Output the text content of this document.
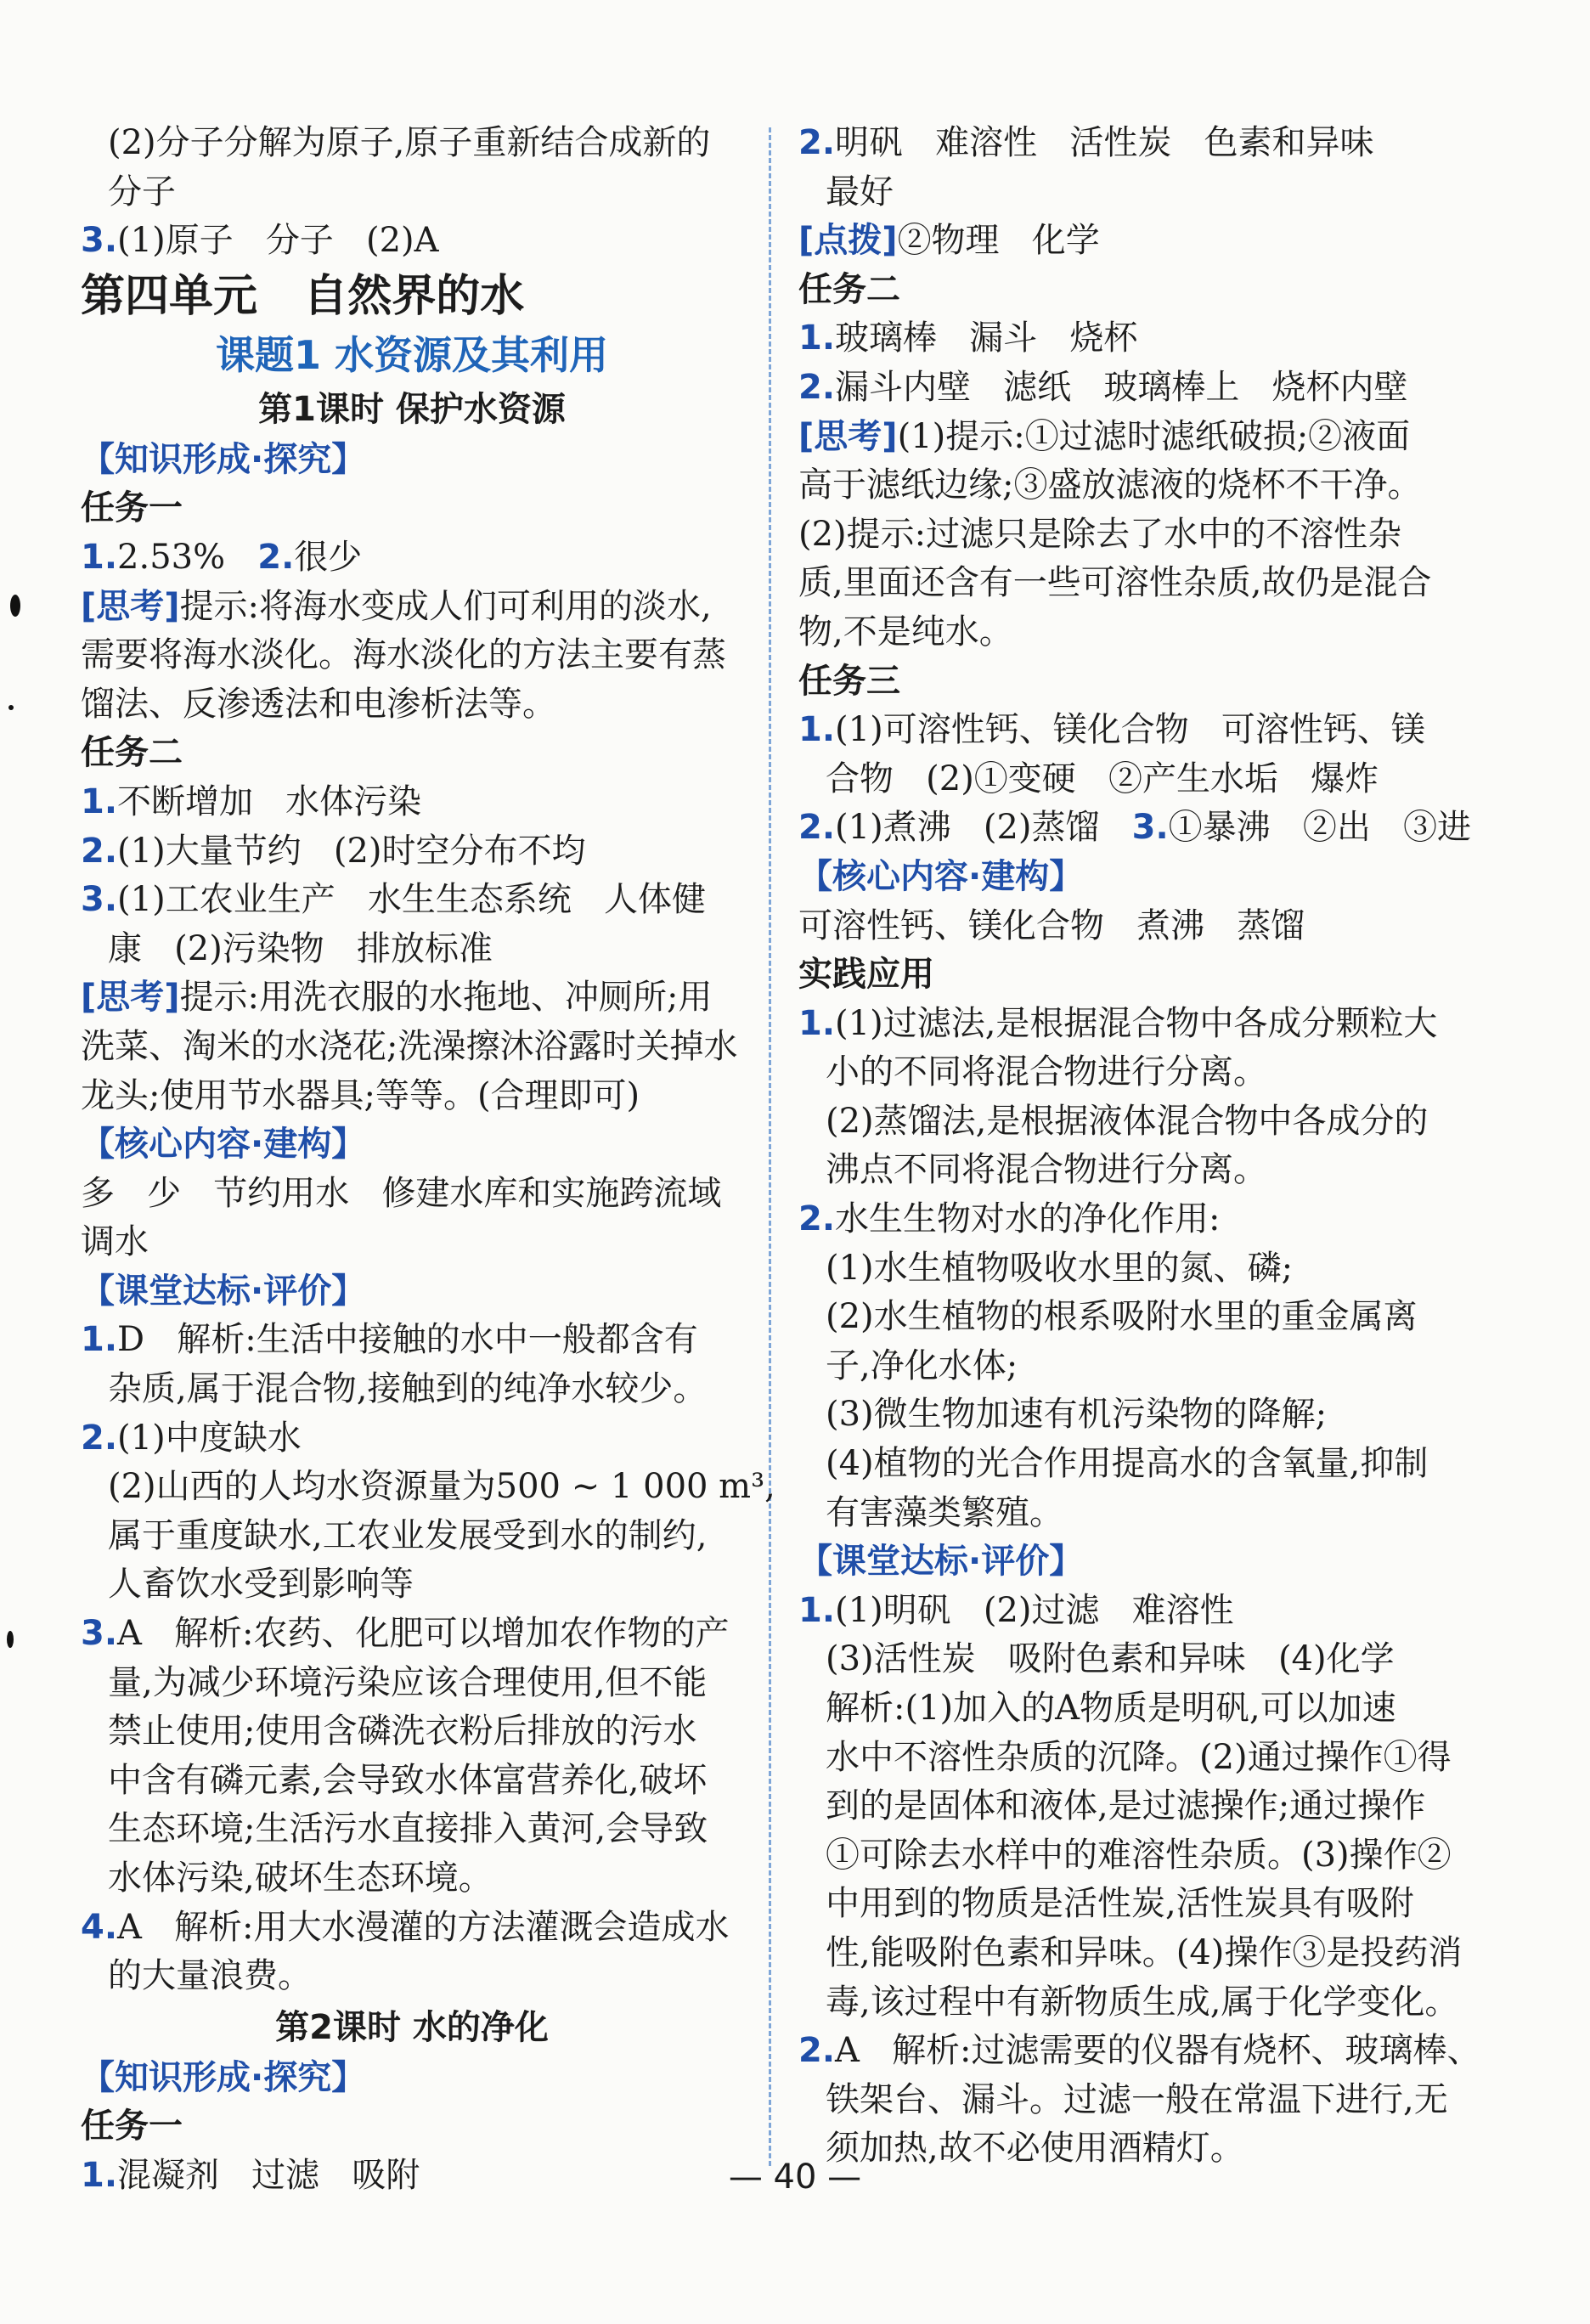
(2)分子分解为原子,原子重新结合成新的
分子
3.(1)原子   分子   (2)A
第四单元   自然界的水
课题1 水资源及其利用
第1课时 保护水资源
【知识形成·探究】
任务一
1.2.53%   2.很少
[思考]提示:将海水变成人们可利用的淡水,
需要将海水淡化。海水淡化的方法主要有蒸
馏法、反渗透法和电渗析法等。
任务二
1.不断增加   水体污染
2.(1)大量节约   (2)时空分布不均
3.(1)工农业生产   水生生态系统   人体健
康   (2)污染物   排放标准
[思考]提示:用洗衣服的水拖地、冲厕所;用
洗菜、淘米的水浇花;洗澡擦沐浴露时关掉水
龙头;使用节水器具;等等。(合理即可)
【核心内容·建构】
多   少   节约用水   修建水库和实施跨流域
调水
【课堂达标·评价】
1.D   解析:生活中接触的水中一般都含有
杂质,属于混合物,接触到的纯净水较少。
2.(1)中度缺水
(2)山西的人均水资源量为500 ~ 1 000 m³,
属于重度缺水,工农业发展受到水的制约,
人畜饮水受到影响等
3.A   解析:农药、化肥可以增加农作物的产
量,为减少环境污染应该合理使用,但不能
禁止使用;使用含磷洗衣粉后排放的污水
中含有磷元素,会导致水体富营养化,破坏
生态环境;生活污水直接排入黄河,会导致
水体污染,破坏生态环境。
4.A   解析:用大水漫灌的方法灌溉会造成水
的大量浪费。
第2课时 水的净化
【知识形成·探究】
任务一
1.混凝剂   过滤   吸附
2.明矾   难溶性   活性炭   色素和异味
最好
[点拨]②物理   化学
任务二
1.玻璃棒   漏斗   烧杯
2.漏斗内壁   滤纸   玻璃棒上   烧杯内壁
[思考](1)提示:①过滤时滤纸破损;②液面
高于滤纸边缘;③盛放滤液的烧杯不干净。
(2)提示:过滤只是除去了水中的不溶性杂
质,里面还含有一些可溶性杂质,故仍是混合
物,不是纯水。
任务三
1.(1)可溶性钙、镁化合物   可溶性钙、镁
合物   (2)①变硬   ②产生水垢   爆炸
2.(1)煮沸   (2)蒸馏   3.①暴沸   ②出   ③进
【核心内容·建构】
可溶性钙、镁化合物   煮沸   蒸馏
实践应用
1.(1)过滤法,是根据混合物中各成分颗粒大
小的不同将混合物进行分离。
(2)蒸馏法,是根据液体混合物中各成分的
沸点不同将混合物进行分离。
2.水生生物对水的净化作用:
(1)水生植物吸收水里的氮、磷;
(2)水生植物的根系吸附水里的重金属离
子,净化水体;
(3)微生物加速有机污染物的降解;
(4)植物的光合作用提高水的含氧量,抑制
有害藻类繁殖。
【课堂达标·评价】
1.(1)明矾   (2)过滤   难溶性
(3)活性炭   吸附色素和异味   (4)化学
解析:(1)加入的A物质是明矾,可以加速
水中不溶性杂质的沉降。(2)通过操作①得
到的是固体和液体,是过滤操作;通过操作
①可除去水样中的难溶性杂质。(3)操作②
中用到的物质是活性炭,活性炭具有吸附
性,能吸附色素和异味。(4)操作③是投药消
毒,该过程中有新物质生成,属于化学变化。
2.A   解析:过滤需要的仪器有烧杯、玻璃棒、
铁架台、漏斗。过滤一般在常温下进行,无
须加热,故不必使用酒精灯。
— 40 —
